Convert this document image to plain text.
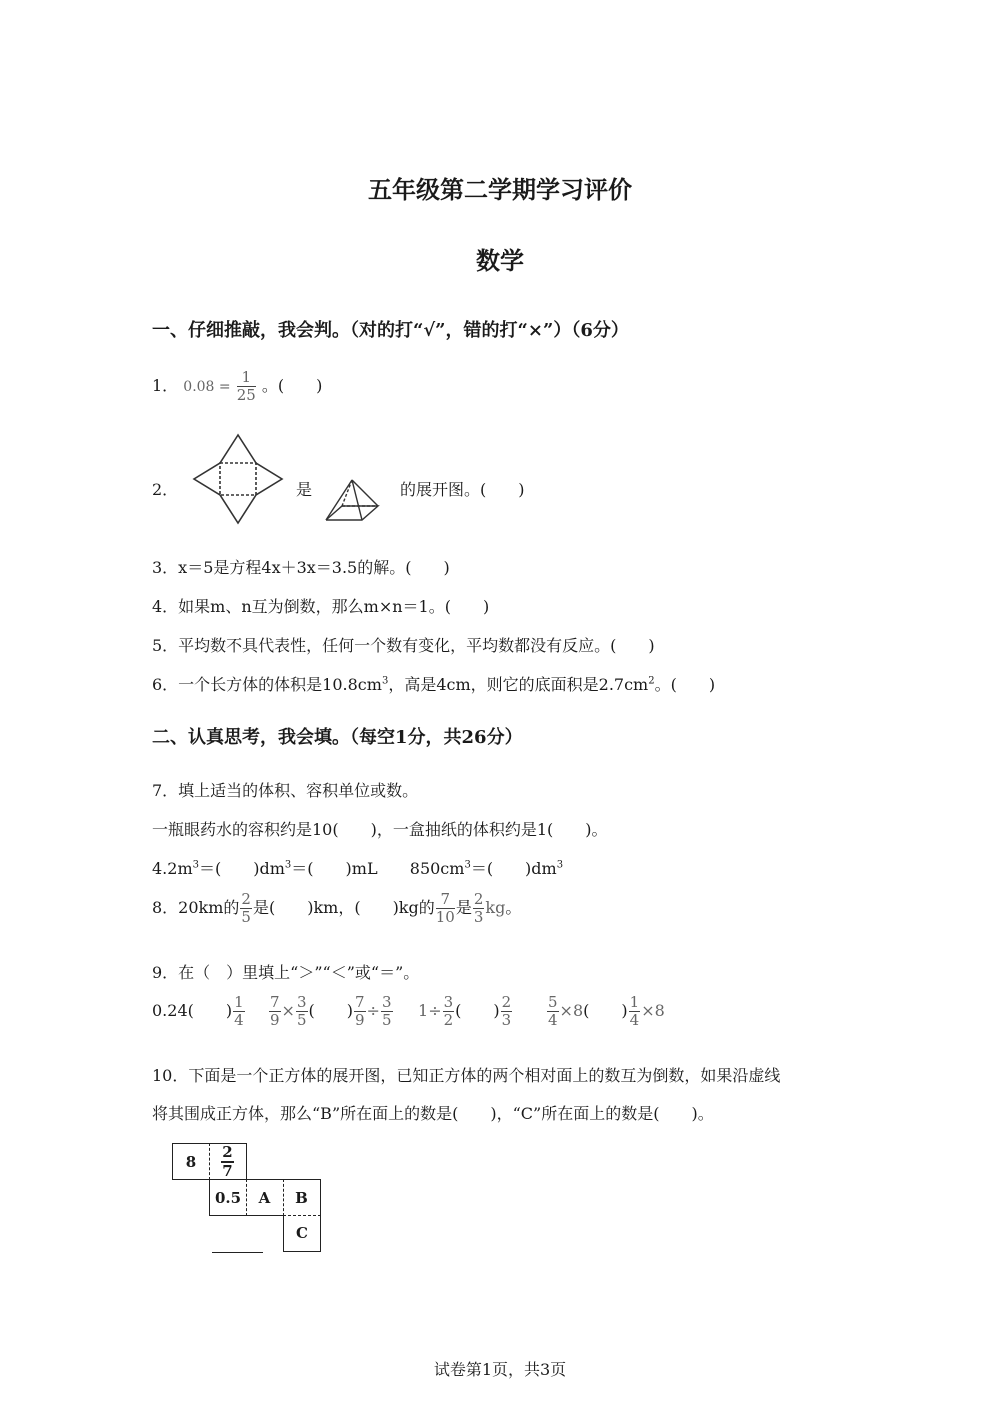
五年级第二学期学习评价
数学
一、仔细推敲，我会判。（对的打“√”，错的打“×”）（6分）
1． $0.08 = \frac{1}{25}$ 。(　　)
2．	是	的展开图。(　　)
3．x＝5是方程4x＋3x＝3.5的解。(　　)
4．如果m、n互为倒数，那么m×n＝1。(　　)
5．平均数不具代表性，任何一个数有变化，平均数都没有反应。(　　)
6．一个长方体的体积是$10.8cm^3$，高是4cm，则它的底面积是$2.7cm^2$。(　　)
二、认真思考，我会填。（每空1分，共26分）
7．填上适当的体积、容积单位或数。
一瓶眼药水的容积约是10(　　)，一盒抽纸的体积约是1(　　)。
$4.2m^3=$(　　)$dm^3=$(　　)mL $850cm^3=$(　　)$dm^3$
8．20km的 $\frac{2}{5}$ 是(　　)km，(　　)kg的 $\frac{7}{10}$ 是 $\frac{2}{3}$ kg。
9．在（　）里填上“＞”“＜”或“＝”。
0.24(　　) $\frac{1}{4} \frac{7}{9} \times \frac{3}{5}$ (　　) $\frac{7}{9} \div \frac{3}{5} 1\div \frac{3}{2}$ (　　) $\frac{2}{3} \frac{5}{4} \times 8$(　　) $\frac{1}{4} \times 8$
10．下面是一个正方体的展开图，已知正方体的两个相对面上的数互为倒数，如果沿虚线
将其围成正方体，那么“B”所在面上的数是(　　)，“C”所在面上的数是(　　)。
8	$\frac{2}{7}$
0.5	A	B
C
试卷第1页，共3页
